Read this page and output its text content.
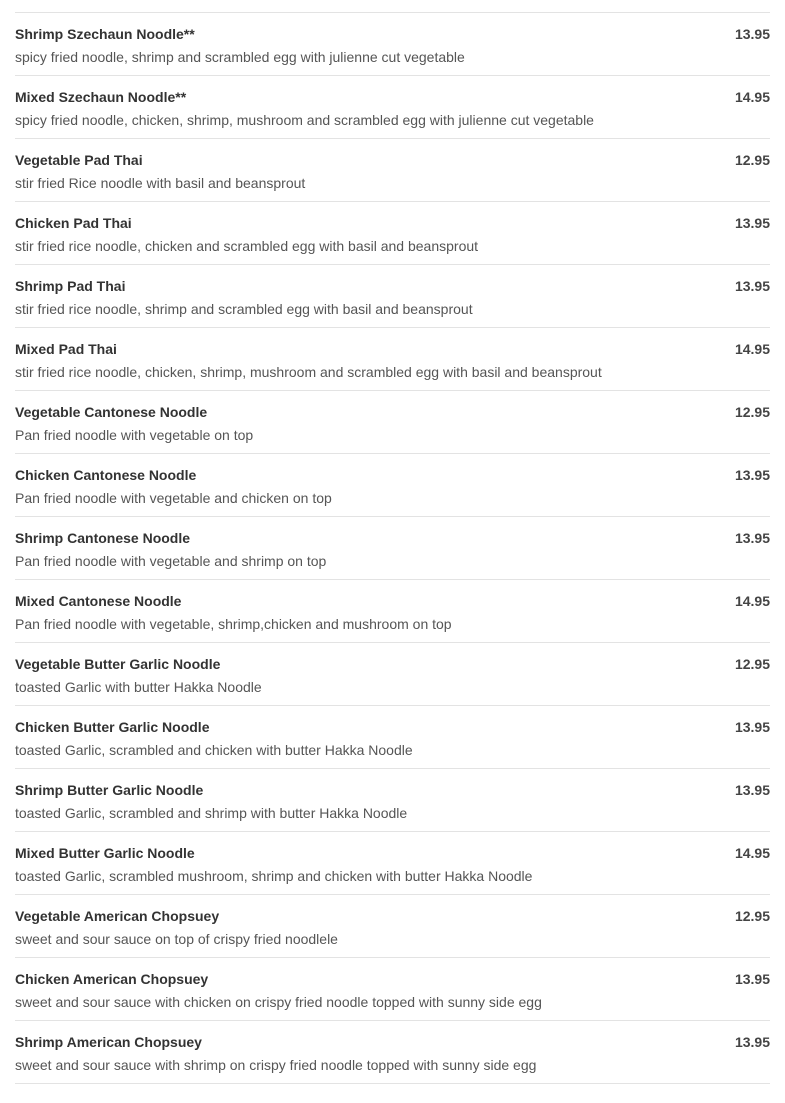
Shrimp Szechaun Noodle**	13.95
spicy fried noodle, shrimp and scrambled egg with julienne cut vegetable
Mixed Szechaun Noodle**	14.95
spicy fried noodle, chicken, shrimp, mushroom and scrambled egg with julienne cut vegetable
Vegetable Pad Thai	12.95
stir fried Rice noodle with basil and beansprout
Chicken Pad Thai	13.95
stir fried rice noodle, chicken and scrambled egg with basil and beansprout
Shrimp Pad Thai	13.95
stir fried rice noodle, shrimp and scrambled egg with basil and beansprout
Mixed Pad Thai	14.95
stir fried rice noodle, chicken, shrimp, mushroom and scrambled egg with basil and beansprout
Vegetable Cantonese Noodle	12.95
Pan fried noodle with vegetable on top
Chicken Cantonese Noodle	13.95
Pan fried noodle with vegetable and chicken on top
Shrimp Cantonese Noodle	13.95
Pan fried noodle with vegetable and shrimp on top
Mixed Cantonese Noodle	14.95
Pan fried noodle with vegetable, shrimp,chicken and mushroom on top
Vegetable Butter Garlic Noodle	12.95
toasted Garlic with butter Hakka Noodle
Chicken Butter Garlic Noodle	13.95
toasted Garlic, scrambled and chicken with butter Hakka Noodle
Shrimp Butter Garlic Noodle	13.95
toasted Garlic, scrambled and shrimp with butter Hakka Noodle
Mixed Butter Garlic Noodle	14.95
toasted Garlic, scrambled mushroom, shrimp and chicken with butter Hakka Noodle
Vegetable American Chopsuey	12.95
sweet and sour sauce on top of crispy fried noodlele
Chicken American Chopsuey	13.95
sweet and sour sauce with chicken on crispy fried noodle topped with sunny side egg
Shrimp American Chopsuey	13.95
sweet and sour sauce with shrimp on crispy fried noodle topped with sunny side egg
